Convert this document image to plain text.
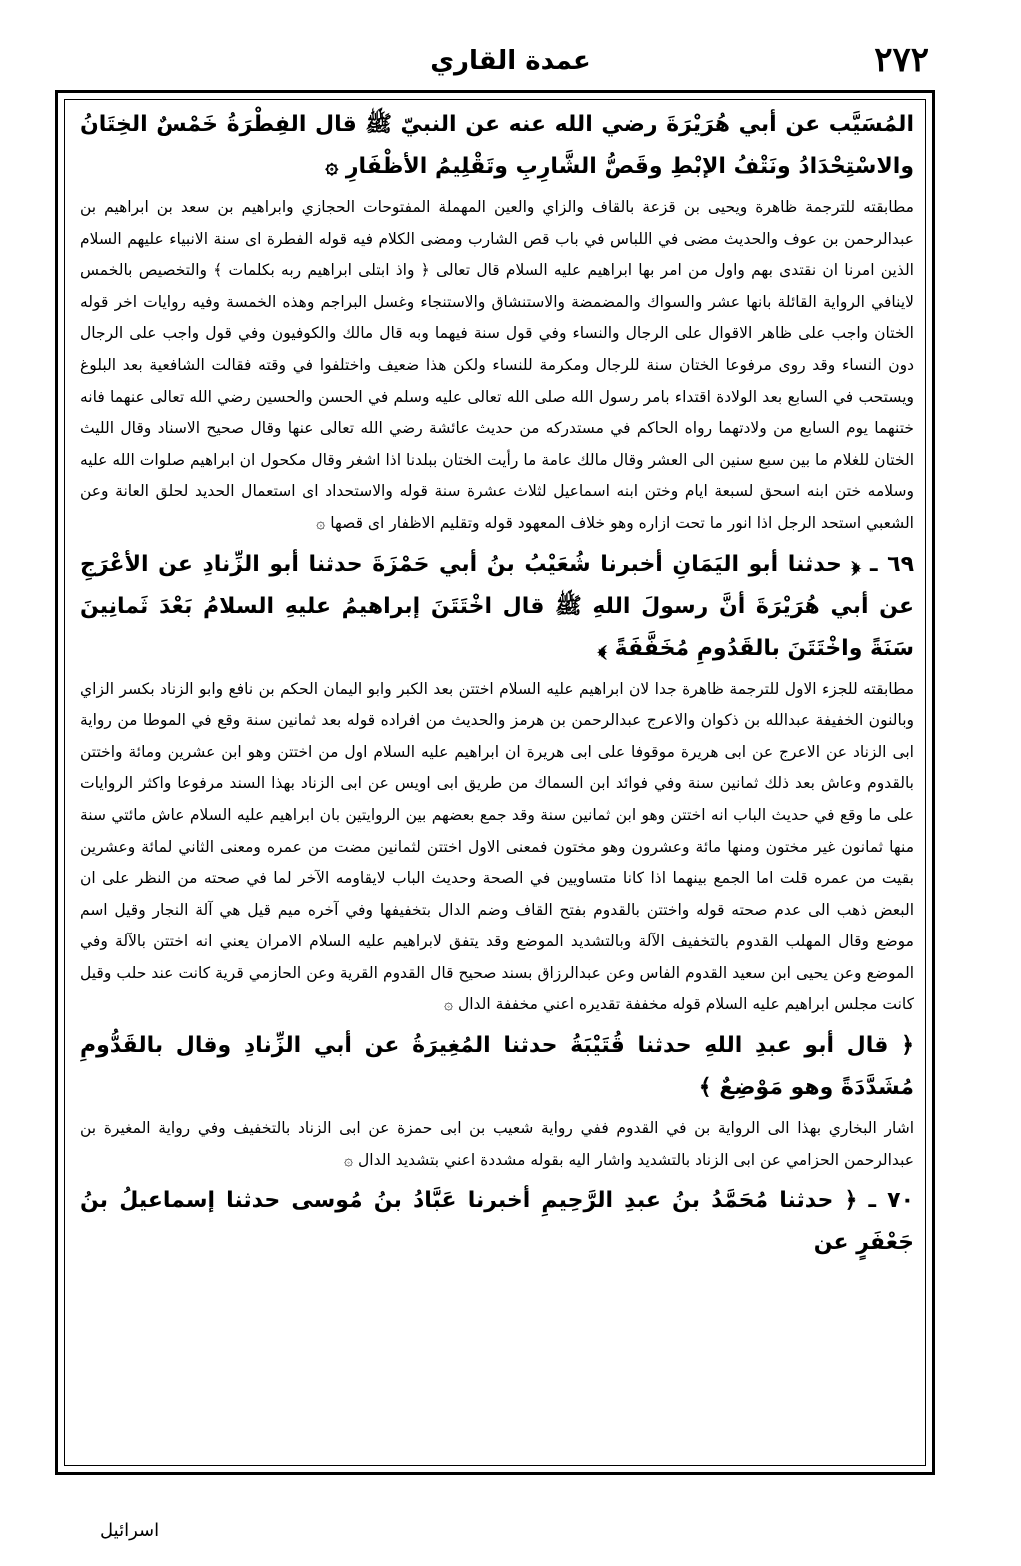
٢٧٢
عمدة القاري

المُسَيَّب عن أبي هُرَيْرَةَ رضي الله عنه عن النبيّ ﷺ قال الفِطْرَةُ خَمْسٌ الخِتَانُ والاسْتِحْدَادُ ونَتْفُ الإبْطِ وقَصُّ الشَّارِبِ وتَقْلِيمُ الأظْفَارِ ۞

مطابقته للترجمة ظاهرة ويحيى بن قزعة بالقاف والزاي والعين المهملة المفتوحات الحجازي وابراهيم بن سعد بن ابراهيم بن عبدالرحمن بن عوف والحديث مضى في اللباس في باب قص الشارب ومضى الكلام فيه قوله الفطرة اى سنة الانبياء عليهم السلام الذين امرنا ان نقتدى بهم واول من امر بها ابراهيم عليه السلام قال تعالى ﴿ واذ ابتلى ابراهيم ربه بكلمات ﴾ والتخصيص بالخمس لاينافي الرواية القائلة بانها عشر والسواك والمضمضة والاستنشاق والاستنجاء وغسل البراجم وهذه الخمسة وفيه روايات اخر قوله الختان واجب على ظاهر الاقوال على الرجال والنساء وفي قول سنة فيهما وبه قال مالك والكوفيون وفي قول واجب على الرجال دون النساء وقد روى مرفوعا الختان سنة للرجال ومكرمة للنساء ولكن هذا ضعيف واختلفوا في وقته فقالت الشافعية بعد البلوغ ويستحب في السابع بعد الولادة اقتداء بامر رسول الله صلى الله تعالى عليه وسلم في الحسن والحسين رضي الله تعالى عنهما فانه ختنهما يوم السابع من ولادتهما رواه الحاكم في مستدركه من حديث عائشة رضي الله تعالى عنها وقال صحيح الاسناد وقال الليث الختان للغلام ما بين سبع سنين الى العشر وقال مالك عامة ما رأيت الختان ببلدنا اذا اشغر وقال مكحول ان ابراهيم صلوات الله عليه وسلامه ختن ابنه اسحق لسبعة ايام وختن ابنه اسماعيل لثلاث عشرة سنة قوله والاستحداد اى استعمال الحديد لحلق العانة وعن الشعبي استحد الرجل اذا انور ما تحت ازاره وهو خلاف المعهود قوله وتقليم الاظفار اى قصها ۞

٦٩ ـ ﴿ حدثنا أبو اليَمَانِ أخبرنا شُعَيْبُ بنُ أبي حَمْزَةَ حدثنا أبو الزِّنادِ عن الأعْرَجِ عن أبي هُرَيْرَةَ أنَّ رسولَ اللهِ ﷺ قال اخْتَتَنَ إبراهيمُ عليهِ السلامُ بَعْدَ ثَمانِينَ سَنَةً واخْتَتَنَ بالقَدُومِ مُخَفَّفَةً ﴾

مطابقته للجزء الاول للترجمة ظاهرة جدا لان ابراهيم عليه السلام اختتن بعد الكبر وابو اليمان الحكم بن نافع وابو الزناد بكسر الزاي وبالنون الخفيفة عبدالله بن ذكوان والاعرج عبدالرحمن بن هرمز والحديث من افراده قوله بعد ثمانين سنة وقع في الموطا من رواية ابى الزناد عن الاعرج عن ابى هريرة موقوفا على ابى هريرة ان ابراهيم عليه السلام اول من اختتن وهو ابن عشرين ومائة واختتن بالقدوم وعاش بعد ذلك ثمانين سنة وفي فوائد ابن السماك من طريق ابى اويس عن ابى الزناد بهذا السند مرفوعا واكثر الروايات على ما وقع في حديث الباب انه اختتن وهو ابن ثمانين سنة وقد جمع بعضهم بين الروايتين بان ابراهيم عليه السلام عاش مائتي سنة منها ثمانون غير مختون ومنها مائة وعشرون وهو مختون فمعنى الاول اختتن لثمانين مضت من عمره ومعنى الثاني لمائة وعشرين بقيت من عمره قلت اما الجمع بينهما اذا كانا متساويين في الصحة وحديث الباب لايقاومه الآخر لما في صحته من النظر على ان البعض ذهب الى عدم صحته قوله واختتن بالقدوم بفتح القاف وضم الدال بتخفيفها وفي آخره ميم قيل هي آلة النجار وقيل اسم موضع وقال المهلب القدوم بالتخفيف الآلة وبالتشديد الموضع وقد يتفق لابراهيم عليه السلام الامران يعني انه اختتن بالآلة وفي الموضع وعن يحيى ابن سعيد القدوم الفاس وعن عبدالرزاق بسند صحيح قال القدوم القرية وعن الحازمي قرية كانت عند حلب وقيل كانت مجلس ابراهيم عليه السلام قوله مخففة تقديره اعني مخففة الدال ۞

﴿ قال أبو عبدِ اللهِ حدثنا قُتَيْبَةُ حدثنا المُغِيرَةُ عن أبي الزِّنادِ وقال بالقَدُّومِ مُشَدَّدَةً وهو مَوْضِعٌ ﴾

اشار البخاري بهذا الى الرواية بن في القدوم ففي رواية شعيب بن ابى حمزة عن ابى الزناد بالتخفيف وفي رواية المغيرة بن عبدالرحمن الحزامي عن ابى الزناد بالتشديد واشار اليه بقوله مشددة اعني بتشديد الدال ۞

٧٠ ـ ﴿ حدثنا مُحَمَّدُ بنُ عبدِ الرَّحِيمِ أخبرنا عَبَّادُ بنُ مُوسى حدثنا إسماعيلُ بنُ جَعْفَرٍ عن

اسرائيل
